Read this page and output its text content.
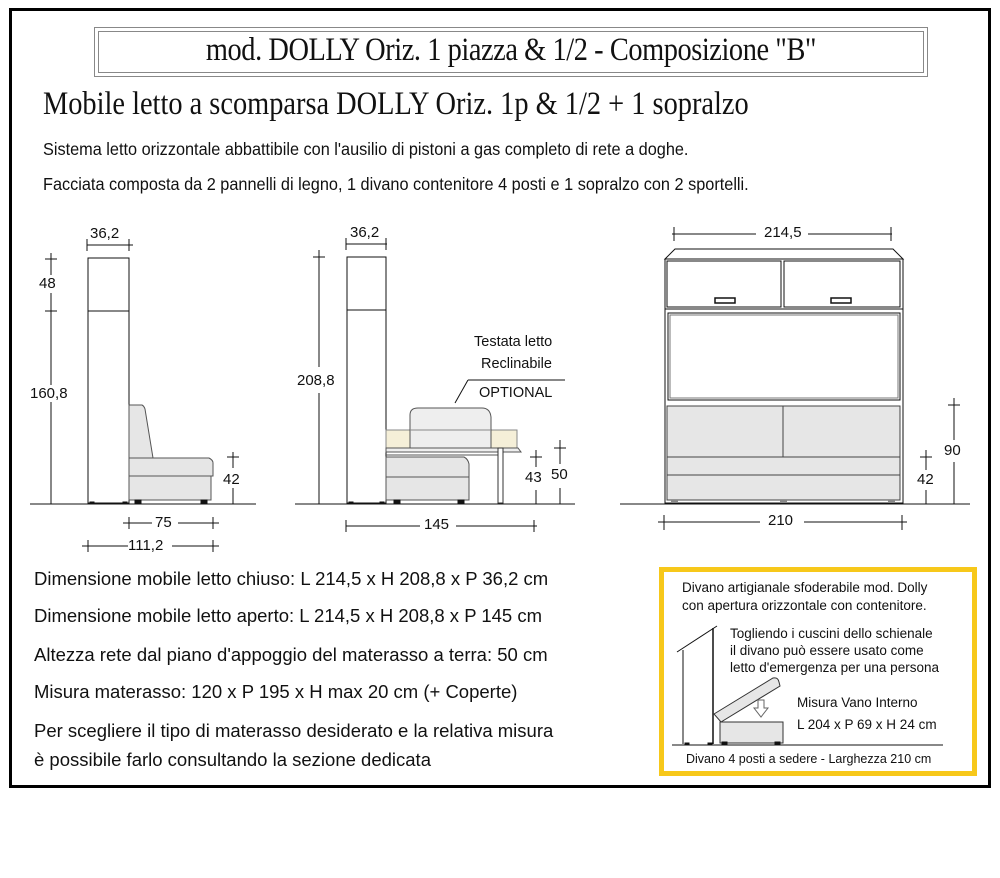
mod. DOLLY Oriz. 1 piazza & 1/2 - Composizione "B"
Mobile letto a scomparsa DOLLY Oriz. 1p & 1/2 + 1 sopralzo
Sistema letto orizzontale abbattibile con l'ausilio di pistoni a gas completo di rete a doghe.
Facciata composta da 2 pannelli di legno, 1 divano contenitore 4 posti e 1 sopralzo con 2 sportelli.
36,2
48
160,8
42
75
111,2
36,2
208,8
Testata letto
Reclinabile
OPTIONAL
43 50
145
214,5
90
42
210
Dimensione mobile letto chiuso: L 214,5 x H 208,8 x P 36,2 cm
Dimensione mobile letto aperto: L 214,5 x H 208,8 x P 145 cm
Altezza rete dal piano d'appoggio del materasso a terra: 50 cm
Misura materasso: 120 x P 195 x H max 20 cm (+ Coperte)
Per scegliere il tipo di materasso desiderato e la relativa misura
è possibile farlo consultando la sezione dedicata
Divano artigianale sfoderabile mod. Dolly
con apertura orizzontale con contenitore.
Togliendo i cuscini dello schienale
il divano può essere usato come
letto d'emergenza per una persona
Misura Vano Interno
L 204 x P 69 x H 24 cm
Divano 4 posti a sedere - Larghezza 210 cm
